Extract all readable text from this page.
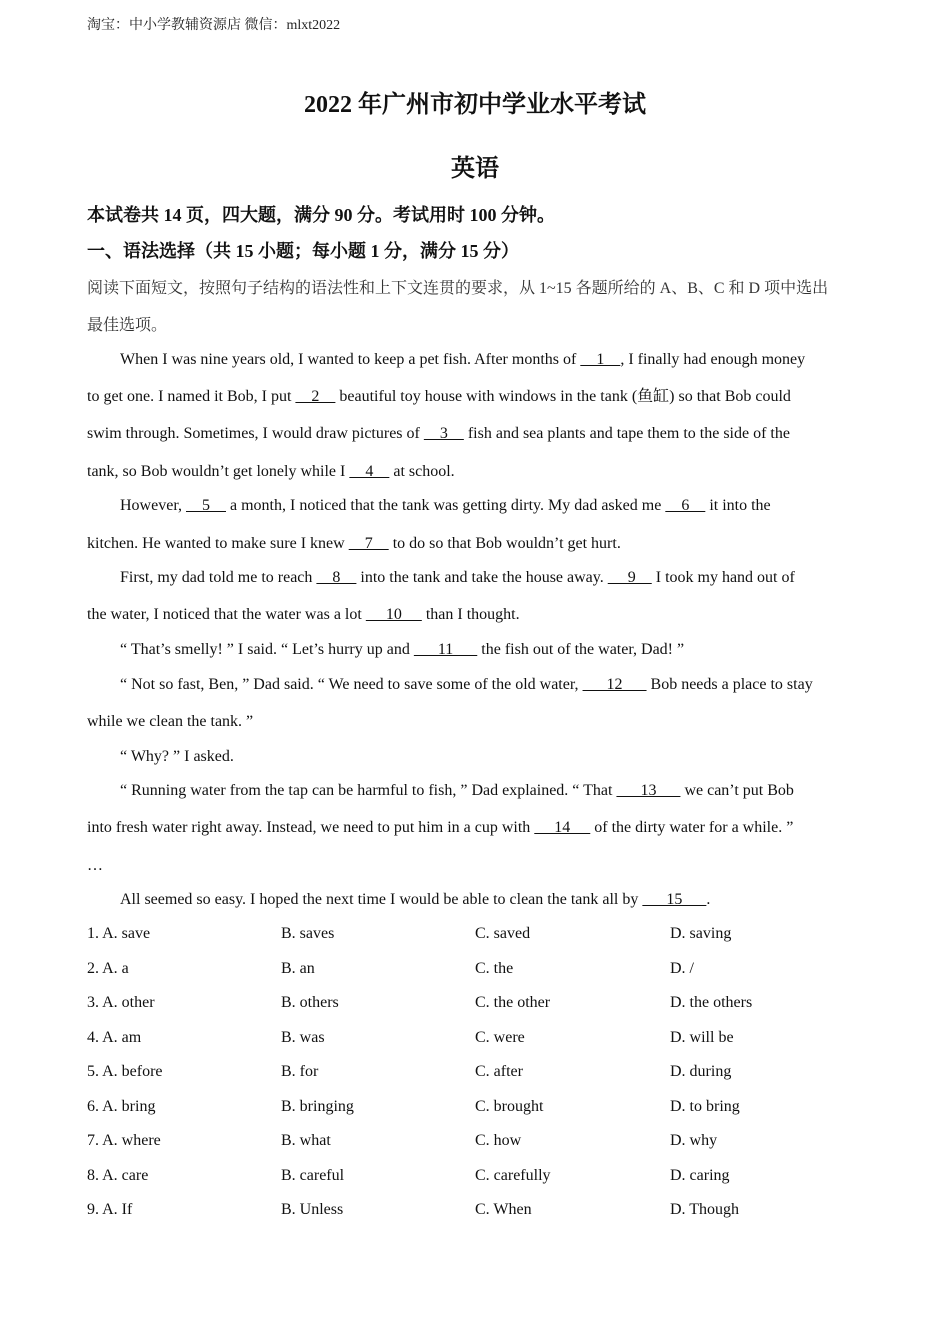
淘宝：中小学教辅资源店 微信：mlxt2022
2022 年广州市初中学业水平考试
英语
本试卷共 14 页，四大题，满分 90 分。考试用时 100 分钟。
一、语法选择（共 15 小题；每小题 1 分，满分 15 分）
阅读下面短文，按照句子结构的语法性和上下文连贯的要求，从 1~15 各题所给的 A、B、C 和 D 项中选出
最佳选项。
When I was nine years old, I wanted to keep a pet fish. After months of     1    , I finally had enough money
to get one. I named it Bob, I put     2     beautiful toy house with windows in the tank (鱼缸) so that Bob could
swim through. Sometimes, I would draw pictures of     3     fish and sea plants and tape them to the side of the
tank, so Bob wouldn’t get lonely while I     4     at school.
However,     5     a month, I noticed that the tank was getting dirty. My dad asked me     6     it into the
kitchen. He wanted to make sure I knew     7     to do so that Bob wouldn’t get hurt.
First, my dad told me to reach     8     into the tank and take the house away.      9     I took my hand out of
the water, I noticed that the water was a lot      10      than I thought.
“ That’s smelly! ” I said. “ Let’s hurry up and       11       the fish out of the water, Dad! ”
“ Not so fast, Ben, ” Dad said. “ We need to save some of the old water,       12       Bob needs a place to stay
while we clean the tank. ”
“ Why? ” I asked.
“ Running water from the tap can be harmful to fish, ” Dad explained. “ That       13       we can’t put Bob
into fresh water right away. Instead, we need to put him in a cup with      14      of the dirty water for a while. ”
…
All seemed so easy. I hoped the next time I would be able to clean the tank all by       15      .
1. A. save	B. saves	C. saved	D. saving
2. A. a	B. an	C. the	D. /
3. A. other	B. others	C. the other	D. the others
4. A. am	B. was	C. were	D. will be
5. A. before	B. for	C. after	D. during
6. A. bring	B. bringing	C. brought	D. to bring
7. A. where	B. what	C. how	D. why
8. A. care	B. careful	C. carefully	D. caring
9. A. If	B. Unless	C. When	D. Though
